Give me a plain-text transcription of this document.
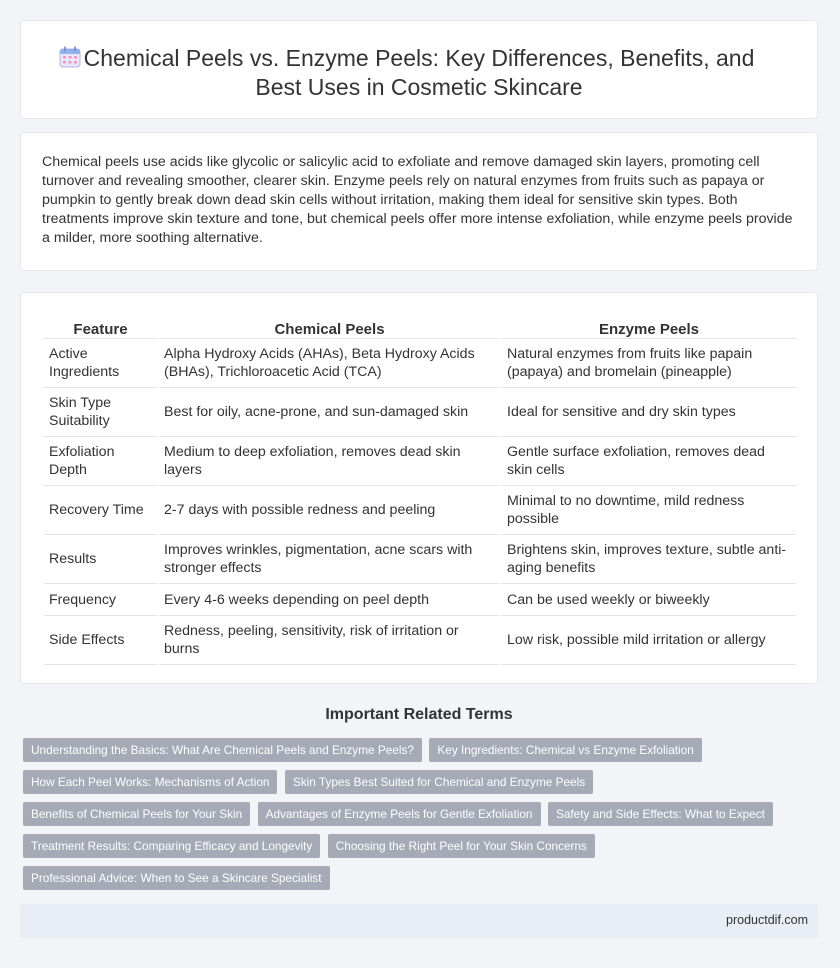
Chemical Peels vs. Enzyme Peels: Key Differences, Benefits, and Best Uses in Cosmetic Skincare

Chemical peels use acids like glycolic or salicylic acid to exfoliate and remove damaged skin layers, promoting cell turnover and revealing smoother, clearer skin. Enzyme peels rely on natural enzymes from fruits such as papaya or pumpkin to gently break down dead skin cells without irritation, making them ideal for sensitive skin types. Both treatments improve skin texture and tone, but chemical peels offer more intense exfoliation, while enzyme peels provide a milder, more soothing alternative.

Feature	Chemical Peels	Enzyme Peels
Active Ingredients	Alpha Hydroxy Acids (AHAs), Beta Hydroxy Acids (BHAs), Trichloroacetic Acid (TCA)	Natural enzymes from fruits like papain (papaya) and bromelain (pineapple)
Skin Type Suitability	Best for oily, acne-prone, and sun-damaged skin	Ideal for sensitive and dry skin types
Exfoliation Depth	Medium to deep exfoliation, removes dead skin layers	Gentle surface exfoliation, removes dead skin cells
Recovery Time	2-7 days with possible redness and peeling	Minimal to no downtime, mild redness possible
Results	Improves wrinkles, pigmentation, acne scars with stronger effects	Brightens skin, improves texture, subtle anti-aging benefits
Frequency	Every 4-6 weeks depending on peel depth	Can be used weekly or biweekly
Side Effects	Redness, peeling, sensitivity, risk of irritation or burns	Low risk, possible mild irritation or allergy
Important Related Terms
Understanding the Basics: What Are Chemical Peels and Enzyme Peels? Key Ingredients: Chemical vs Enzyme Exfoliation How Each Peel Works: Mechanisms of Action Skin Types Best Suited for Chemical and Enzyme Peels Benefits of Chemical Peels for Your Skin Advantages of Enzyme Peels for Gentle Exfoliation Safety and Side Effects: What to Expect Treatment Results: Comparing Efficacy and Longevity Choosing the Right Peel for Your Skin Concerns Professional Advice: When to See a Skincare Specialist
productdif.com
